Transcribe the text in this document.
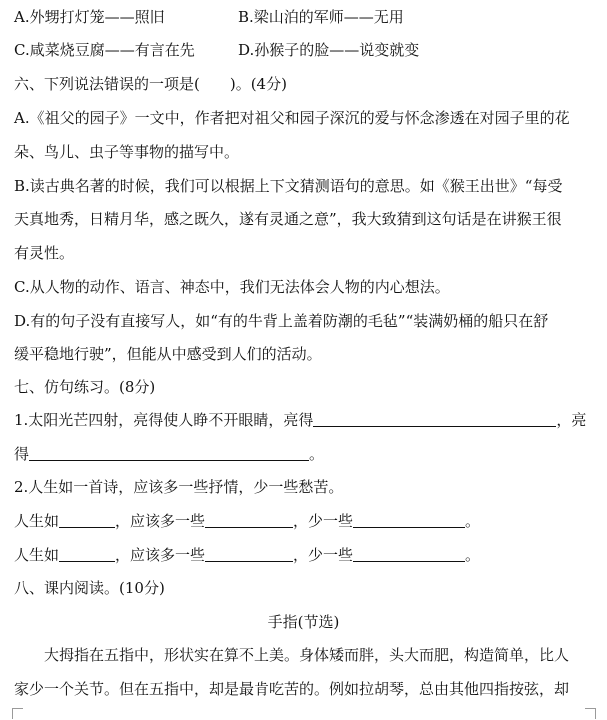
A.外甥打灯笼——照旧	B.梁山泊的军师——无用
C.咸菜烧豆腐——有言在先	D.孙猴子的脸——说变就变
六、下列说法错误的一项是(　　)。(4分)
A.《祖父的园子》一文中，作者把对祖父和园子深沉的爱与怀念渗透在对园子里的花
朵、鸟儿、虫子等事物的描写中。
B.读古典名著的时候，我们可以根据上下文猜测语句的意思。如《猴王出世》“每受
天真地秀，日精月华，感之既久，遂有灵通之意”，我大致猜到这句话是在讲猴王很
有灵性。
C.从人物的动作、语言、神态中，我们无法体会人物的内心想法。
D.有的句子没有直接写人，如“有的牛背上盖着防潮的毛毡”“装满奶桶的船只在舒
缓平稳地行驶”，但能从中感受到人们的活动。
七、仿句练习。(8分)
1.太阳光芒四射，亮得使人睁不开眼睛，亮得	，亮
得	。
2.人生如一首诗，应该多一些抒情，少一些愁苦。
人生如	，应该多一些	，少一些	。
人生如	，应该多一些	，少一些	。
八、课内阅读。(10分)
手指(节选)
大拇指在五指中，形状实在算不上美。身体矮而胖，头大而肥，构造简单，比人
家少一个关节。但在五指中，却是最肯吃苦的。例如拉胡琴，总由其他四指按弦，却
